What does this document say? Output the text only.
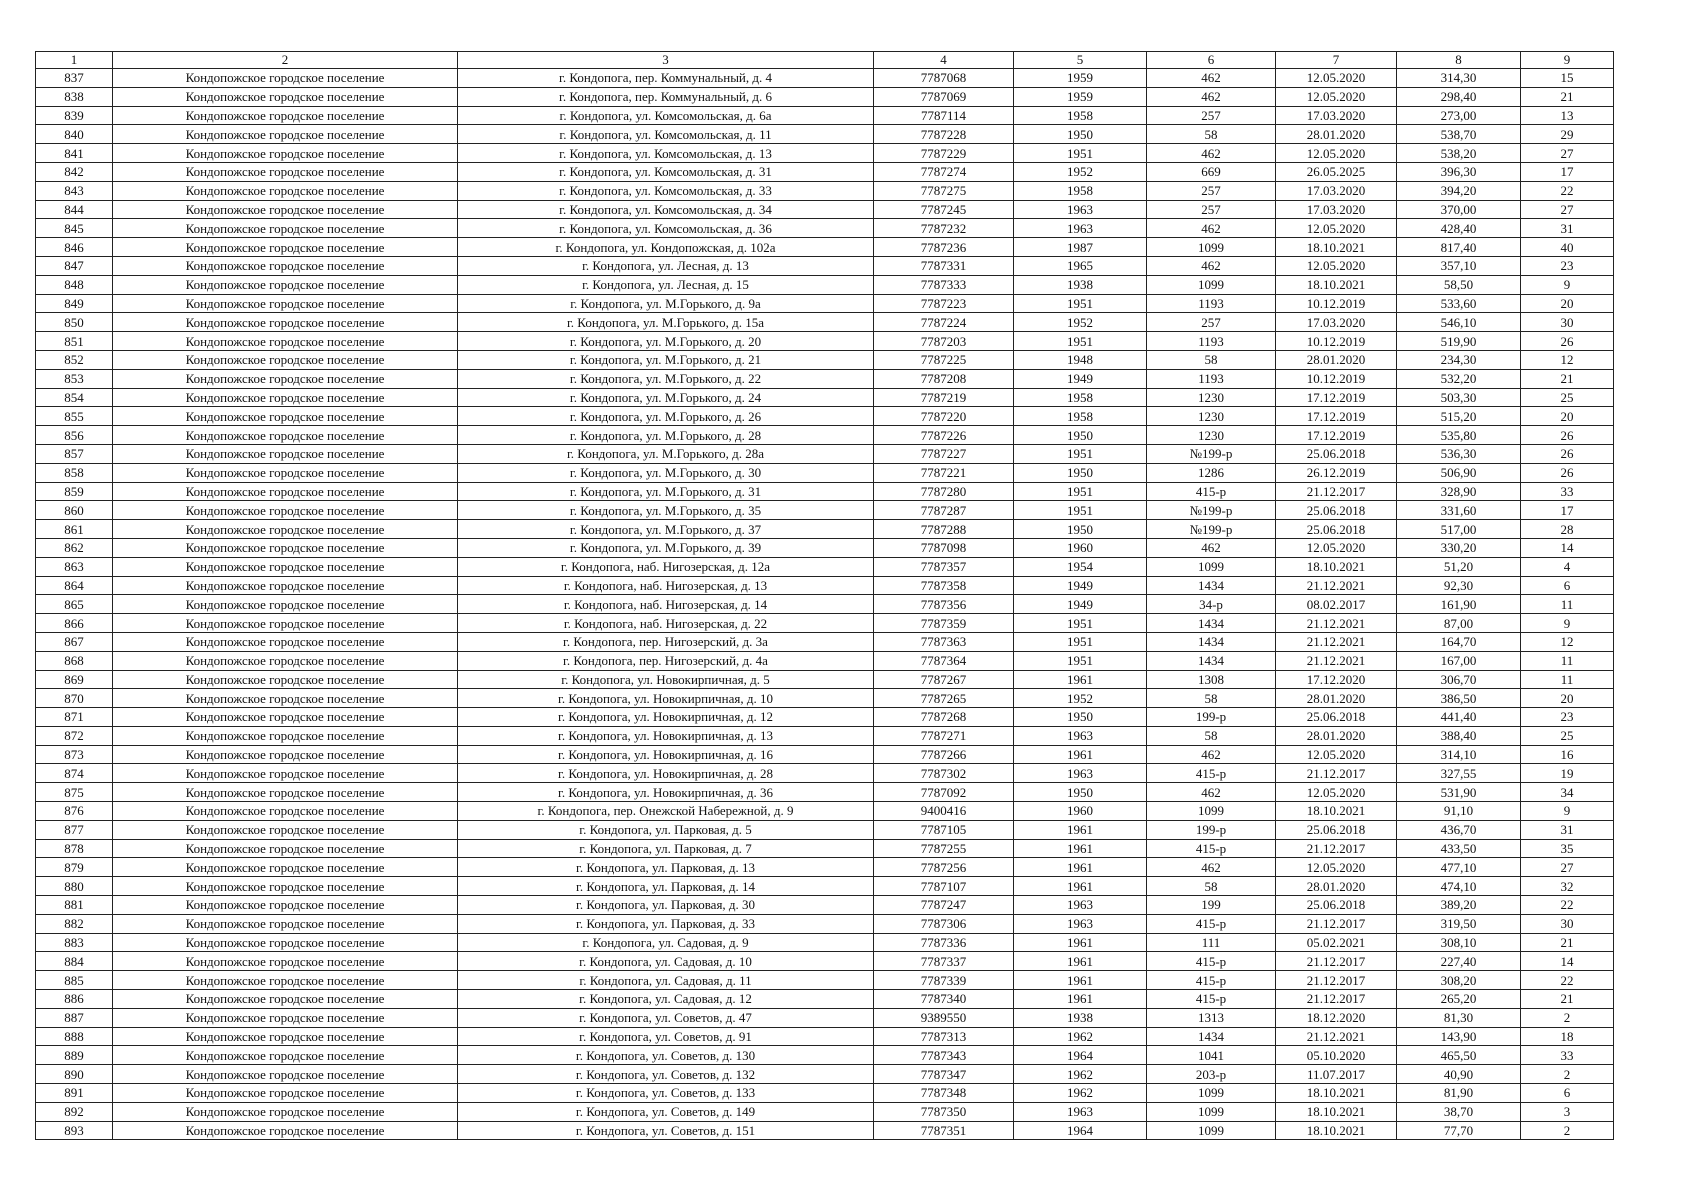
1	2	3	4	5	6	7	8	9
837	Кондопожское городское поселение	г. Кондопога, пер. Коммунальный, д. 4	7787068	1959	462	12.05.2020	314,30	15
838	Кондопожское городское поселение	г. Кондопога, пер. Коммунальный, д. 6	7787069	1959	462	12.05.2020	298,40	21
839	Кондопожское городское поселение	г. Кондопога, ул. Комсомольская, д. 6а	7787114	1958	257	17.03.2020	273,00	13
840	Кондопожское городское поселение	г. Кондопога, ул. Комсомольская, д. 11	7787228	1950	58	28.01.2020	538,70	29
841	Кондопожское городское поселение	г. Кондопога, ул. Комсомольская, д. 13	7787229	1951	462	12.05.2020	538,20	27
842	Кондопожское городское поселение	г. Кондопога, ул. Комсомольская, д. 31	7787274	1952	669	26.05.2025	396,30	17
843	Кондопожское городское поселение	г. Кондопога, ул. Комсомольская, д. 33	7787275	1958	257	17.03.2020	394,20	22
844	Кондопожское городское поселение	г. Кондопога, ул. Комсомольская, д. 34	7787245	1963	257	17.03.2020	370,00	27
845	Кондопожское городское поселение	г. Кондопога, ул. Комсомольская, д. 36	7787232	1963	462	12.05.2020	428,40	31
846	Кондопожское городское поселение	г. Кондопога, ул. Кондопожская, д. 102а	7787236	1987	1099	18.10.2021	817,40	40
847	Кондопожское городское поселение	г. Кондопога, ул. Лесная, д. 13	7787331	1965	462	12.05.2020	357,10	23
848	Кондопожское городское поселение	г. Кондопога, ул. Лесная, д. 15	7787333	1938	1099	18.10.2021	58,50	9
849	Кондопожское городское поселение	г. Кондопога, ул. М.Горького, д. 9а	7787223	1951	1193	10.12.2019	533,60	20
850	Кондопожское городское поселение	г. Кондопога, ул. М.Горького, д. 15а	7787224	1952	257	17.03.2020	546,10	30
851	Кондопожское городское поселение	г. Кондопога, ул. М.Горького, д. 20	7787203	1951	1193	10.12.2019	519,90	26
852	Кондопожское городское поселение	г. Кондопога, ул. М.Горького, д. 21	7787225	1948	58	28.01.2020	234,30	12
853	Кондопожское городское поселение	г. Кондопога, ул. М.Горького, д. 22	7787208	1949	1193	10.12.2019	532,20	21
854	Кондопожское городское поселение	г. Кондопога, ул. М.Горького, д. 24	7787219	1958	1230	17.12.2019	503,30	25
855	Кондопожское городское поселение	г. Кондопога, ул. М.Горького, д. 26	7787220	1958	1230	17.12.2019	515,20	20
856	Кондопожское городское поселение	г. Кондопога, ул. М.Горького, д. 28	7787226	1950	1230	17.12.2019	535,80	26
857	Кондопожское городское поселение	г. Кондопога, ул. М.Горького, д. 28а	7787227	1951	№199-р	25.06.2018	536,30	26
858	Кондопожское городское поселение	г. Кондопога, ул. М.Горького, д. 30	7787221	1950	1286	26.12.2019	506,90	26
859	Кондопожское городское поселение	г. Кондопога, ул. М.Горького, д. 31	7787280	1951	415-р	21.12.2017	328,90	33
860	Кондопожское городское поселение	г. Кондопога, ул. М.Горького, д. 35	7787287	1951	№199-р	25.06.2018	331,60	17
861	Кондопожское городское поселение	г. Кондопога, ул. М.Горького, д. 37	7787288	1950	№199-р	25.06.2018	517,00	28
862	Кондопожское городское поселение	г. Кондопога, ул. М.Горького, д. 39	7787098	1960	462	12.05.2020	330,20	14
863	Кондопожское городское поселение	г. Кондопога, наб. Нигозерская, д. 12а	7787357	1954	1099	18.10.2021	51,20	4
864	Кондопожское городское поселение	г. Кондопога, наб. Нигозерская, д. 13	7787358	1949	1434	21.12.2021	92,30	6
865	Кондопожское городское поселение	г. Кондопога, наб. Нигозерская, д. 14	7787356	1949	34-р	08.02.2017	161,90	11
866	Кондопожское городское поселение	г. Кондопога, наб. Нигозерская, д. 22	7787359	1951	1434	21.12.2021	87,00	9
867	Кондопожское городское поселение	г. Кондопога, пер. Нигозерский, д. 3а	7787363	1951	1434	21.12.2021	164,70	12
868	Кондопожское городское поселение	г. Кондопога, пер. Нигозерский, д. 4а	7787364	1951	1434	21.12.2021	167,00	11
869	Кондопожское городское поселение	г. Кондопога, ул. Новокирпичная, д. 5	7787267	1961	1308	17.12.2020	306,70	11
870	Кондопожское городское поселение	г. Кондопога, ул. Новокирпичная, д. 10	7787265	1952	58	28.01.2020	386,50	20
871	Кондопожское городское поселение	г. Кондопога, ул. Новокирпичная, д. 12	7787268	1950	199-р	25.06.2018	441,40	23
872	Кондопожское городское поселение	г. Кондопога, ул. Новокирпичная, д. 13	7787271	1963	58	28.01.2020	388,40	25
873	Кондопожское городское поселение	г. Кондопога, ул. Новокирпичная, д. 16	7787266	1961	462	12.05.2020	314,10	16
874	Кондопожское городское поселение	г. Кондопога, ул. Новокирпичная, д. 28	7787302	1963	415-р	21.12.2017	327,55	19
875	Кондопожское городское поселение	г. Кондопога, ул. Новокирпичная, д. 36	7787092	1950	462	12.05.2020	531,90	34
876	Кондопожское городское поселение	г. Кондопога, пер. Онежской Набережной, д. 9	9400416	1960	1099	18.10.2021	91,10	9
877	Кондопожское городское поселение	г. Кондопога, ул. Парковая, д. 5	7787105	1961	199-р	25.06.2018	436,70	31
878	Кондопожское городское поселение	г. Кондопога, ул. Парковая, д. 7	7787255	1961	415-р	21.12.2017	433,50	35
879	Кондопожское городское поселение	г. Кондопога, ул. Парковая, д. 13	7787256	1961	462	12.05.2020	477,10	27
880	Кондопожское городское поселение	г. Кондопога, ул. Парковая, д. 14	7787107	1961	58	28.01.2020	474,10	32
881	Кондопожское городское поселение	г. Кондопога, ул. Парковая, д. 30	7787247	1963	199	25.06.2018	389,20	22
882	Кондопожское городское поселение	г. Кондопога, ул. Парковая, д. 33	7787306	1963	415-р	21.12.2017	319,50	30
883	Кондопожское городское поселение	г. Кондопога, ул. Садовая, д. 9	7787336	1961	111	05.02.2021	308,10	21
884	Кондопожское городское поселение	г. Кондопога, ул. Садовая, д. 10	7787337	1961	415-р	21.12.2017	227,40	14
885	Кондопожское городское поселение	г. Кондопога, ул. Садовая, д. 11	7787339	1961	415-р	21.12.2017	308,20	22
886	Кондопожское городское поселение	г. Кондопога, ул. Садовая, д. 12	7787340	1961	415-р	21.12.2017	265,20	21
887	Кондопожское городское поселение	г. Кондопога, ул. Советов, д. 47	9389550	1938	1313	18.12.2020	81,30	2
888	Кондопожское городское поселение	г. Кондопога, ул. Советов, д. 91	7787313	1962	1434	21.12.2021	143,90	18
889	Кондопожское городское поселение	г. Кондопога, ул. Советов, д. 130	7787343	1964	1041	05.10.2020	465,50	33
890	Кондопожское городское поселение	г. Кондопога, ул. Советов, д. 132	7787347	1962	203-р	11.07.2017	40,90	2
891	Кондопожское городское поселение	г. Кондопога, ул. Советов, д. 133	7787348	1962	1099	18.10.2021	81,90	6
892	Кондопожское городское поселение	г. Кондопога, ул. Советов, д. 149	7787350	1963	1099	18.10.2021	38,70	3
893	Кондопожское городское поселение	г. Кондопога, ул. Советов, д. 151	7787351	1964	1099	18.10.2021	77,70	2
